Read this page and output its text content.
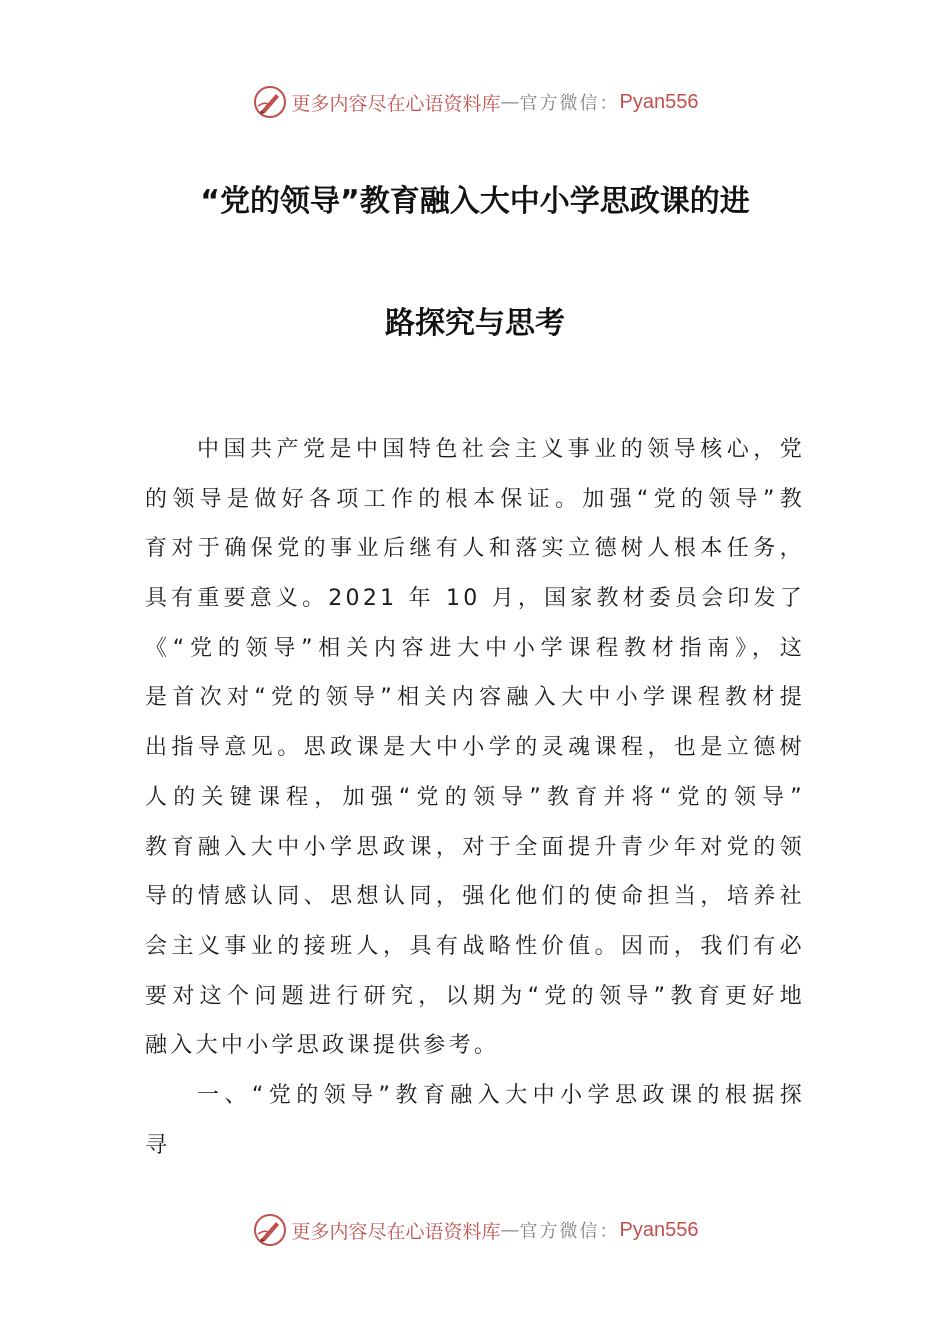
更多内容尽在心语资料库 — 官方微信： Pyan556
“党的领导”教育融入大中小学思政课的进
路探究与思考
中国共产党是中国特色社会主义事业的领导核心，党
的领导是做好各项工作的根本保证。加强“党的领导”教
育对于确保党的事业后继有人和落实立德树人根本任务，
具有重要意义。2021 年 10 月，国家教材委员会印发了
《“党的领导”相关内容进大中小学课程教材指南》，这
是首次对“党的领导”相关内容融入大中小学课程教材提
出指导意见。思政课是大中小学的灵魂课程，也是立德树
人的关键课程，加强“党的领导”教育并将“党的领导”
教育融入大中小学思政课，对于全面提升青少年对党的领
导的情感认同、思想认同，强化他们的使命担当，培养社
会主义事业的接班人，具有战略性价值。因而，我们有必
要对这个问题进行研究，以期为“党的领导”教育更好地
融入大中小学思政课提供参考。
一、“党的领导”教育融入大中小学思政课的根据探
寻
更多内容尽在心语资料库 — 官方微信： Pyan556
